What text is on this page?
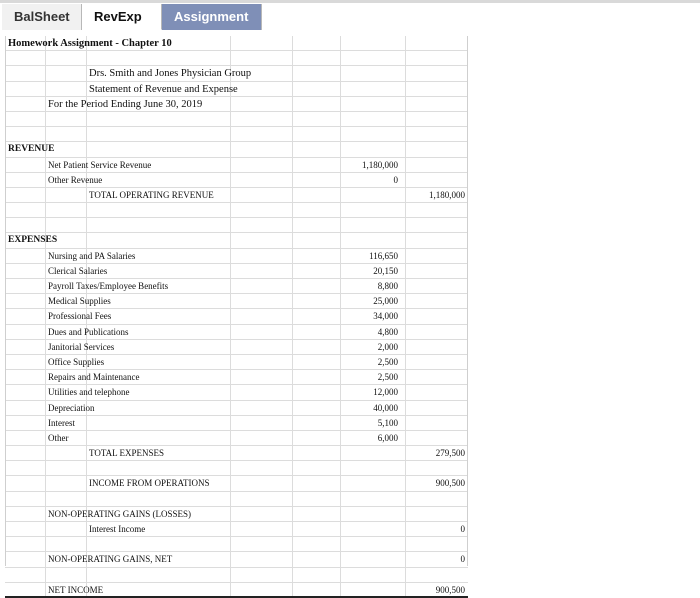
BalSheet	RevExp	Assignment
Homework Assignment - Chapter 10
Drs. Smith and Jones Physician Group
Statement of Revenue and Expense
For the Period Ending June 30, 2019
REVENUE
Net Patient Service Revenue	1,180,000
Other Revenue	0
TOTAL OPERATING REVENUE	1,180,000
EXPENSES
Nursing and PA Salaries	116,650
Clerical Salaries	20,150
Payroll Taxes/Employee Benefits	8,800
Medical Supplies	25,000
Professional Fees	34,000
Dues and Publications	4,800
Janitorial Services	2,000
Office Supplies	2,500
Repairs and Maintenance	2,500
Utilities and telephone	12,000
Depreciation	40,000
Interest	5,100
Other	6,000
TOTAL EXPENSES	279,500
INCOME FROM OPERATIONS	900,500
NON-OPERATING GAINS (LOSSES)
Interest Income	0
NON-OPERATING GAINS, NET	0
NET INCOME	900,500
